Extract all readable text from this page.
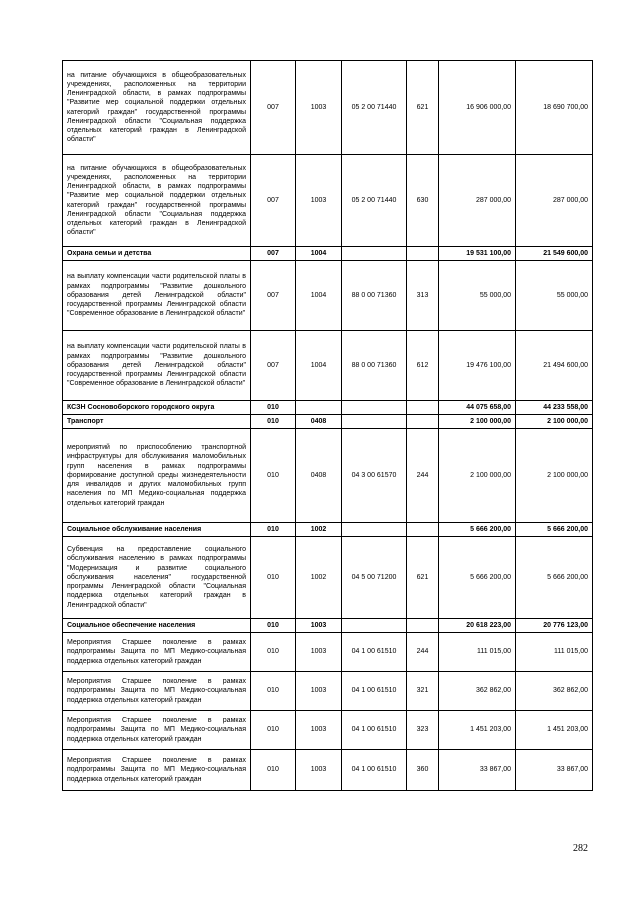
на питание обучающихся в общеобразовательных учреждениях, расположенных на территории Ленинградской области, в рамках подпрограммы "Развитие мер социальной поддержки отдельных категорий граждан" государственной программы Ленинградской области "Социальная поддержка отдельных категорий граждан в Ленинградской области"	007	1003	05 2 00 71440	621	16 906 000,00	18 690 700,00
на питание обучающихся в общеобразовательных учреждениях, расположенных на территории Ленинградской области, в рамках подпрограммы "Развитие мер социальной поддержки отдельных категорий граждан" государственной программы Ленинградской области "Социальная поддержка отдельных категорий граждан в Ленинградской области"	007	1003	05 2 00 71440	630	287 000,00	287 000,00
Охрана семьи и детства	007	1004			19 531 100,00	21 549 600,00
на выплату компенсации части родительской платы в рамках подпрограммы "Развитие дошкольного образования детей Ленинградской области" государственной программы Ленинградской области "Современное образование в Ленинградской области"	007	1004	88 0 00 71360	313	55 000,00	55 000,00
на выплату компенсации части родительской платы в рамках подпрограммы "Развитие дошкольного образования детей Ленинградской области" государственной программы Ленинградской области "Современное образование в Ленинградской области"	007	1004	88 0 00 71360	612	19 476 100,00	21 494 600,00
КСЗН Сосновоборского городского округа	010				44 075 658,00	44 233 558,00
Транспорт	010	0408			2 100 000,00	2 100 000,00
мероприятий по приспособлению транспортной инфраструктуры для обслуживания маломобильных групп населения в рамках подпрограммы формирование доступной среды жизнедеятельности для инвалидов и других маломобильных групп населения по МП Медико-социальная поддержка отдельных категорий граждан	010	0408	04 3 00 61570	244	2 100 000,00	2 100 000,00
Социальное обслуживание населения	010	1002			5 666 200,00	5 666 200,00
Субвенция на предоставление социального обслуживания населению в рамках подпрограммы "Модернизация и развитие социального обслуживания населения" государственной программы Ленинградской области "Социальная поддержка отдельных категорий граждан в Ленинградской области"	010	1002	04 5 00 71200	621	5 666 200,00	5 666 200,00
Социальное обеспечение населения	010	1003			20 618 223,00	20 776 123,00
Мероприятия Старшее поколение в рамках подпрограммы Защита по МП Медико-социальная поддержка отдельных категорий граждан	010	1003	04 1 00 61510	244	111 015,00	111 015,00
Мероприятия Старшее поколение в рамках подпрограммы Защита по МП Медико-социальная поддержка отдельных категорий граждан	010	1003	04 1 00 61510	321	362 862,00	362 862,00
Мероприятия Старшее поколение в рамках подпрограммы Защита по МП Медико-социальная поддержка отдельных категорий граждан	010	1003	04 1 00 61510	323	1 451 203,00	1 451 203,00
Мероприятия Старшее поколение в рамках подпрограммы Защита по МП Медико-социальная поддержка отдельных категорий граждан	010	1003	04 1 00 61510	360	33 867,00	33 867,00
282
